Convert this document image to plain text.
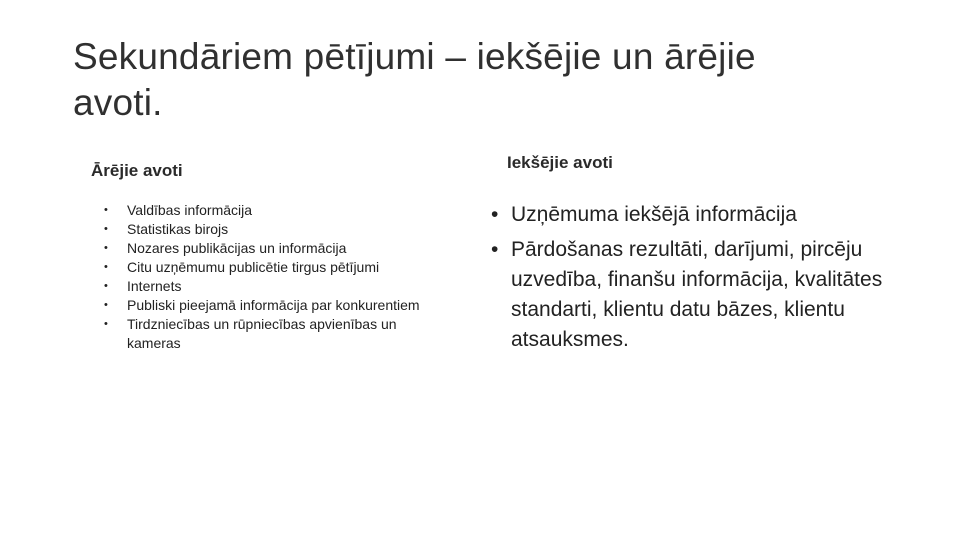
Sekundāriem pētījumi – iekšējie un ārējie avoti.
Ārējie avoti
• Valdības informācija
• Statistikas birojs
• Nozares publikācijas un informācija
• Citu uzņēmumu publicētie tirgus pētījumi
• Internets
• Publiski pieejamā informācija par konkurentiem
• Tirdzniecības un rūpniecības apvienības un kameras
Iekšējie avoti
• Uzņēmuma iekšējā informācija
• Pārdošanas rezultāti, darījumi, pircēju uzvedība, finanšu informācija, kvalitātes standarti, klientu datu bāzes, klientu atsauksmes.
